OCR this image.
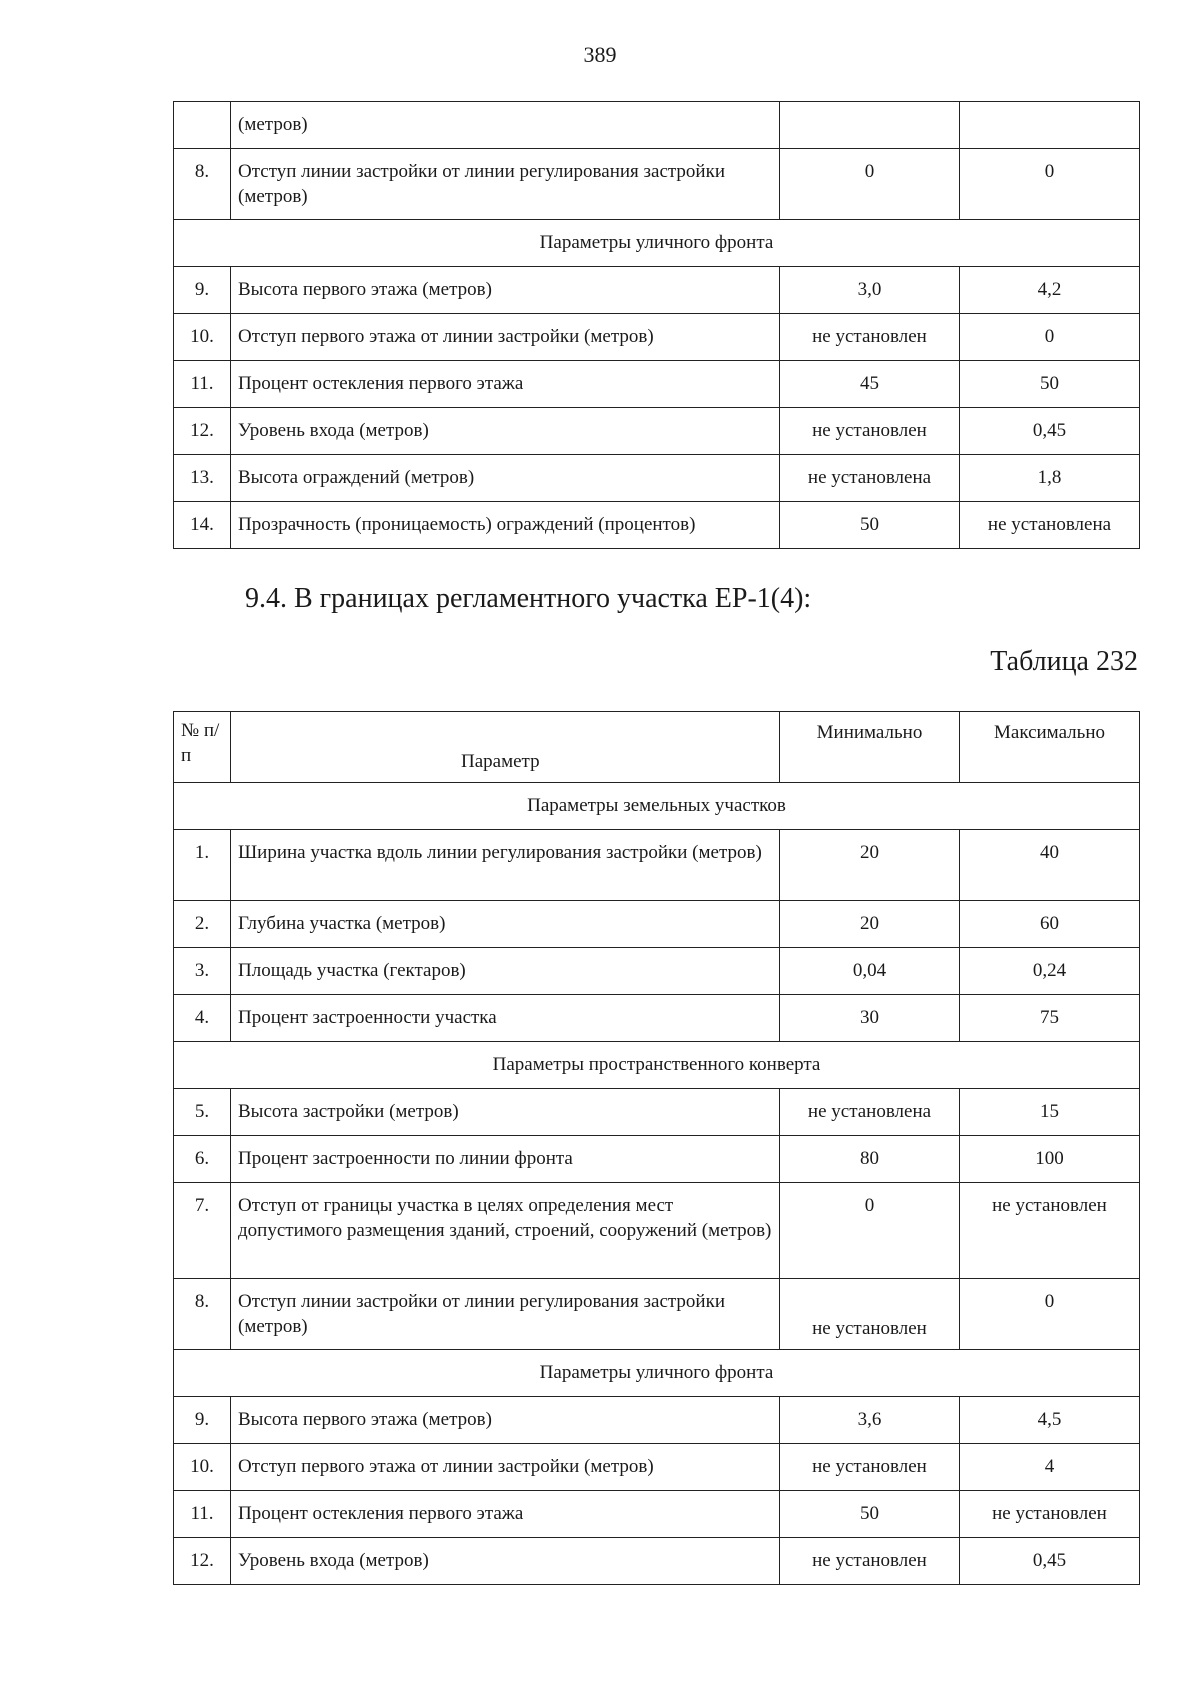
389
	(метров)		
8.	Отступ линии застройки от линии регулирования застройки (метров)	0	0
Параметры уличного фронта			
9.	Высота первого этажа (метров)	3,0	4,2
10.	Отступ первого этажа от линии застройки (метров)	не установлен	0
11.	Процент остекления первого этажа	45	50
12.	Уровень входа (метров)	не установлен	0,45
13.	Высота ограждений (метров)	не установлена	1,8
14.	Прозрачность (проницаемость) ограждений (процентов)	50	не установлена
9.4. В границах регламентного участка ЕР-1(4):
Таблица 232
№ п/п	Параметр	Минимально	Максимально
Параметры земельных участков			
1.	Ширина участка вдоль линии регулирования застройки (метров)	20	40
2.	Глубина участка (метров)	20	60
3.	Площадь участка (гектаров)	0,04	0,24
4.	Процент застроенности участка	30	75
Параметры пространственного конверта			
5.	Высота застройки (метров)	не установлена	15
6.	Процент застроенности по линии фронта	80	100
7.	Отступ от границы участка в целях определения мест допустимого размещения зданий, строений, сооружений (метров)	0	не установлен
8.	Отступ линии застройки от линии регулирования застройки (метров)	не установлен	0
Параметры уличного фронта			
9.	Высота первого этажа (метров)	3,6	4,5
10.	Отступ первого этажа от линии застройки (метров)	не установлен	4
11.	Процент остекления первого этажа	50	не установлен
12.	Уровень входа (метров)	не установлен	0,45
